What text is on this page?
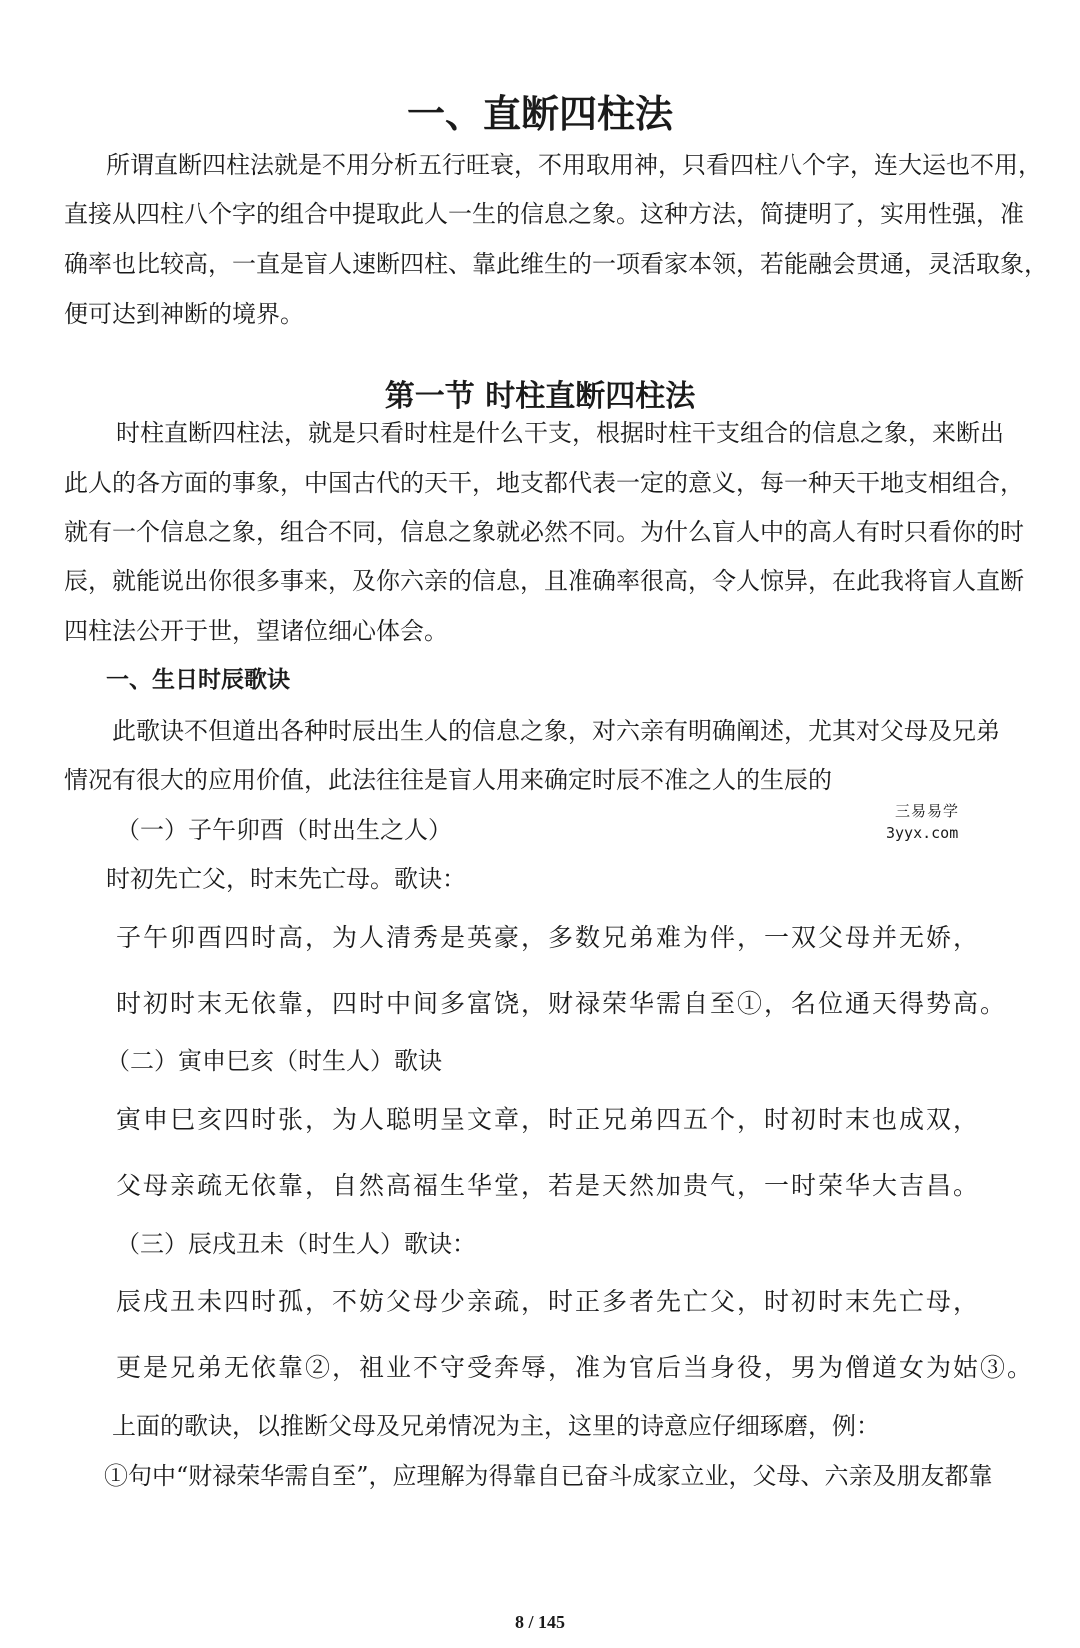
一、直断四柱法
所谓直断四柱法就是不用分析五行旺衰，不用取用神，只看四柱八个字，连大运也不用，
直接从四柱八个字的组合中提取此人一生的信息之象。这种方法，简捷明了，实用性强，准
确率也比较高，一直是盲人速断四柱、靠此维生的一项看家本领，若能融会贯通，灵活取象，
便可达到神断的境界。
第一节 时柱直断四柱法
时柱直断四柱法，就是只看时柱是什么干支，根据时柱干支组合的信息之象，来断出
此人的各方面的事象，中国古代的天干，地支都代表一定的意义，每一种天干地支相组合，
就有一个信息之象，组合不同，信息之象就必然不同。为什么盲人中的高人有时只看你的时
辰，就能说出你很多事来，及你六亲的信息，且准确率很高，令人惊异，在此我将盲人直断
四柱法公开于世，望诸位细心体会。
一、生日时辰歌诀
此歌诀不但道出各种时辰出生人的信息之象，对六亲有明确阐述，尤其对父母及兄弟
情况有很大的应用价值，此法往往是盲人用来确定时辰不准之人的生辰的
三易易学
3yyx.com
（一）子午卯酉（时出生之人）
时初先亡父，时末先亡母。歌诀：
子午卯酉四时高，为人清秀是英豪，多数兄弟难为伴，一双父母并无娇，
时初时末无依靠，四时中间多富饶，财禄荣华需自至①，名位通天得势高。
（二）寅申巳亥（时生人）歌诀
寅申巳亥四时张，为人聪明呈文章，时正兄弟四五个，时初时末也成双，
父母亲疏无依靠，自然高福生华堂，若是天然加贵气，一时荣华大吉昌。
（三）辰戌丑未（时生人）歌诀：
辰戌丑未四时孤，不妨父母少亲疏，时正多者先亡父，时初时末先亡母，
更是兄弟无依靠②，祖业不守受奔辱，准为官后当身役，男为僧道女为姑③。
上面的歌诀，以推断父母及兄弟情况为主，这里的诗意应仔细琢磨，例：
①句中“财禄荣华需自至”，应理解为得靠自已奋斗成家立业，父母、六亲及朋友都靠
8 / 145
